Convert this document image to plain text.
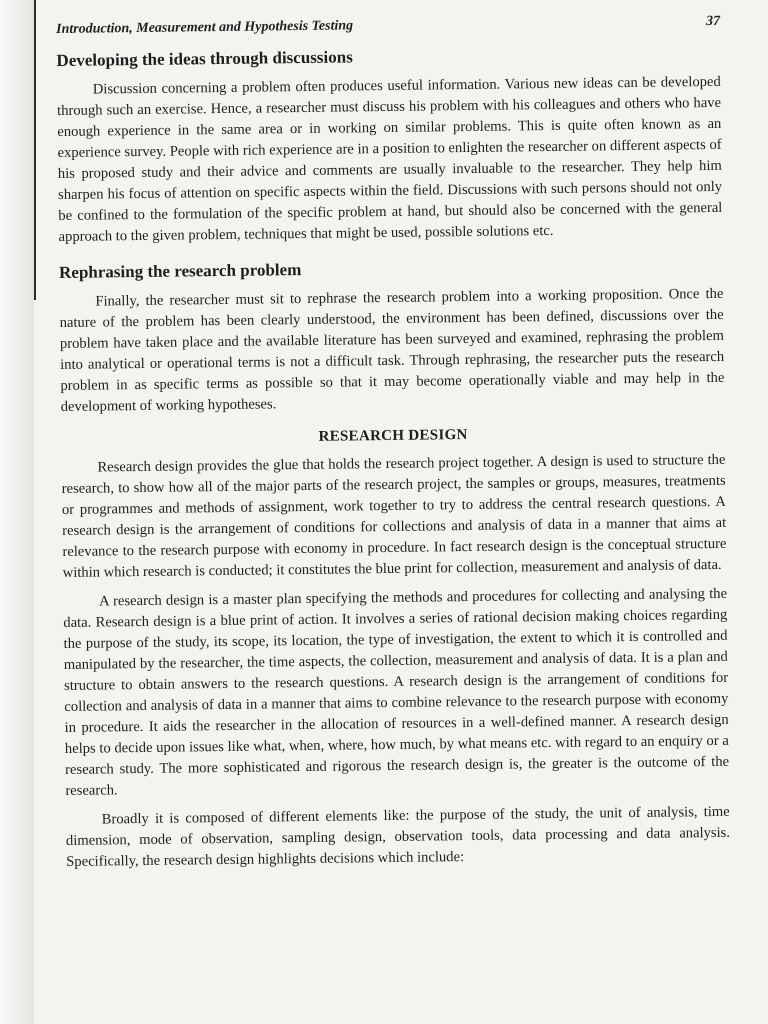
Introduction, Measurement and Hypothesis Testing	37
Developing the ideas through discussions

Discussion concerning a problem often produces useful information. Various new ideas can be developed through such an exercise. Hence, a researcher must discuss his problem with his colleagues and others who have enough experience in the same area or in working on similar problems. This is quite often known as an experience survey. People with rich experience are in a position to enlighten the researcher on different aspects of his proposed study and their advice and comments are usually invaluable to the researcher. They help him sharpen his focus of attention on specific aspects within the field. Discussions with such persons should not only be confined to the formulation of the specific problem at hand, but should also be concerned with the general approach to the given problem, techniques that might be used, possible solutions etc.

Rephrasing the research problem

Finally, the researcher must sit to rephrase the research problem into a working proposition. Once the nature of the problem has been clearly understood, the environment has been defined, discussions over the problem have taken place and the available literature has been surveyed and examined, rephrasing the problem into analytical or operational terms is not a difficult task. Through rephrasing, the researcher puts the research problem in as specific terms as possible so that it may become operationally viable and may help in the development of working hypotheses.

RESEARCH DESIGN

Research design provides the glue that holds the research project together. A design is used to structure the research, to show how all of the major parts of the research project, the samples or groups, measures, treatments or programmes and methods of assignment, work together to try to address the central research questions. A research design is the arrangement of conditions for collections and analysis of data in a manner that aims at relevance to the research purpose with economy in procedure. In fact research design is the conceptual structure within which research is conducted; it constitutes the blue print for collection, measurement and analysis of data.

A research design is a master plan specifying the methods and procedures for collecting and analysing the data. Research design is a blue print of action. It involves a series of rational decision making choices regarding the purpose of the study, its scope, its location, the type of investigation, the extent to which it is controlled and manipulated by the researcher, the time aspects, the collection, measurement and analysis of data. It is a plan and structure to obtain answers to the research questions. A research design is the arrangement of conditions for collection and analysis of data in a manner that aims to combine relevance to the research purpose with economy in procedure. It aids the researcher in the allocation of resources in a well-defined manner. A research design helps to decide upon issues like what, when, where, how much, by what means etc. with regard to an enquiry or a research study. The more sophisticated and rigorous the research design is, the greater is the outcome of the research.

Broadly it is composed of different elements like: the purpose of the study, the unit of analysis, time dimension, mode of observation, sampling design, observation tools, data processing and data analysis. Specifically, the research design highlights decisions which include:
